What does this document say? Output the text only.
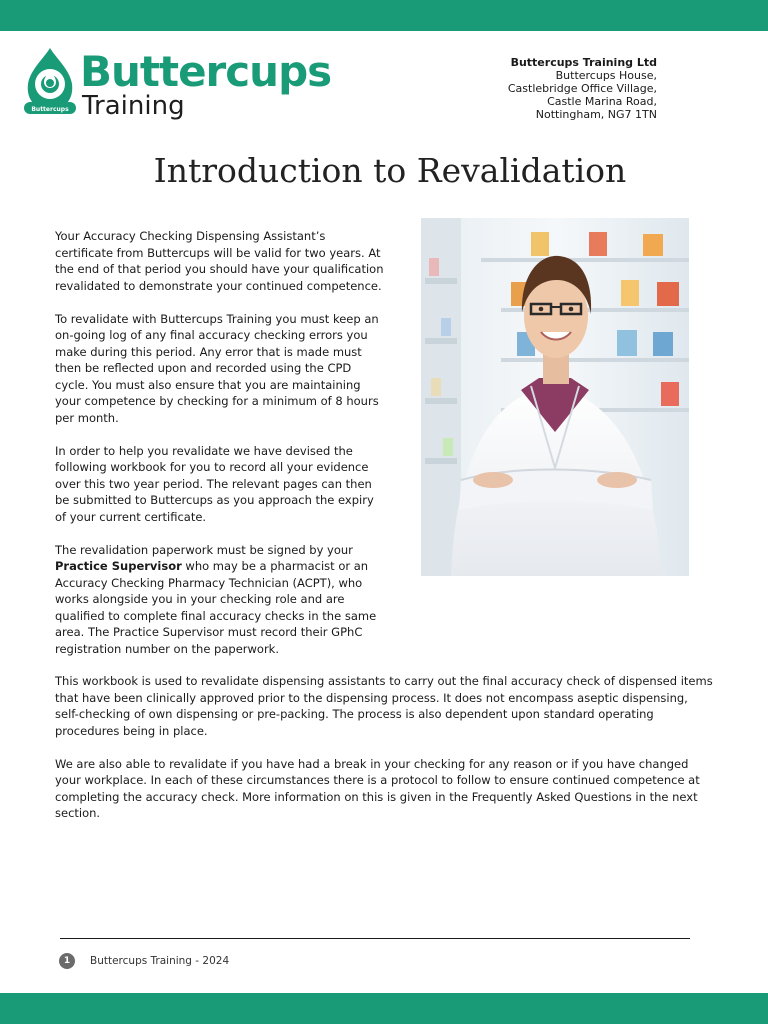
Buttercups
Buttercups
Training
Buttercups Training Ltd
Buttercups House,
Castlebridge Office Village,
Castle Marina Road,
Nottingham, NG7 1TN
Introduction to Revalidation

Your Accuracy Checking Dispensing Assistant’s certificate from Buttercups will be valid for two years. At the end of that period you should have your qualification revalidated to demonstrate your continued competence.

To revalidate with Buttercups Training you must keep an on-going log of any final accuracy checking errors you make during this period. Any error that is made must then be reflected upon and recorded using the CPD cycle. You must also ensure that you are maintaining your competence by checking for a minimum of 8 hours per month.

In order to help you revalidate we have devised the following workbook for you to record all your evidence over this two year period. The relevant pages can then be submitted to Buttercups as you approach the expiry of your current certificate.

The revalidation paperwork must be signed by your Practice Supervisor who may be a pharmacist or an Accuracy Checking Pharmacy Technician (ACPT), who works alongside you in your checking role and are qualified to complete final accuracy checks in the same area. The Practice Supervisor must record their GPhC registration number on the paperwork.

This workbook is used to revalidate dispensing assistants to carry out the final accuracy check of dispensed items that have been clinically approved prior to the dispensing process. It does not encompass aseptic dispensing, self-checking of own dispensing or pre-packing. The process is also dependent upon standard operating procedures being in place.

We are also able to revalidate if you have had a break in your checking for any reason or if you have changed your workplace. In each of these circumstances there is a protocol to follow to ensure continued competence at completing the accuracy check. More information on this is given in the Frequently Asked Questions in the next section.

1	Buttercups Training - 2024
